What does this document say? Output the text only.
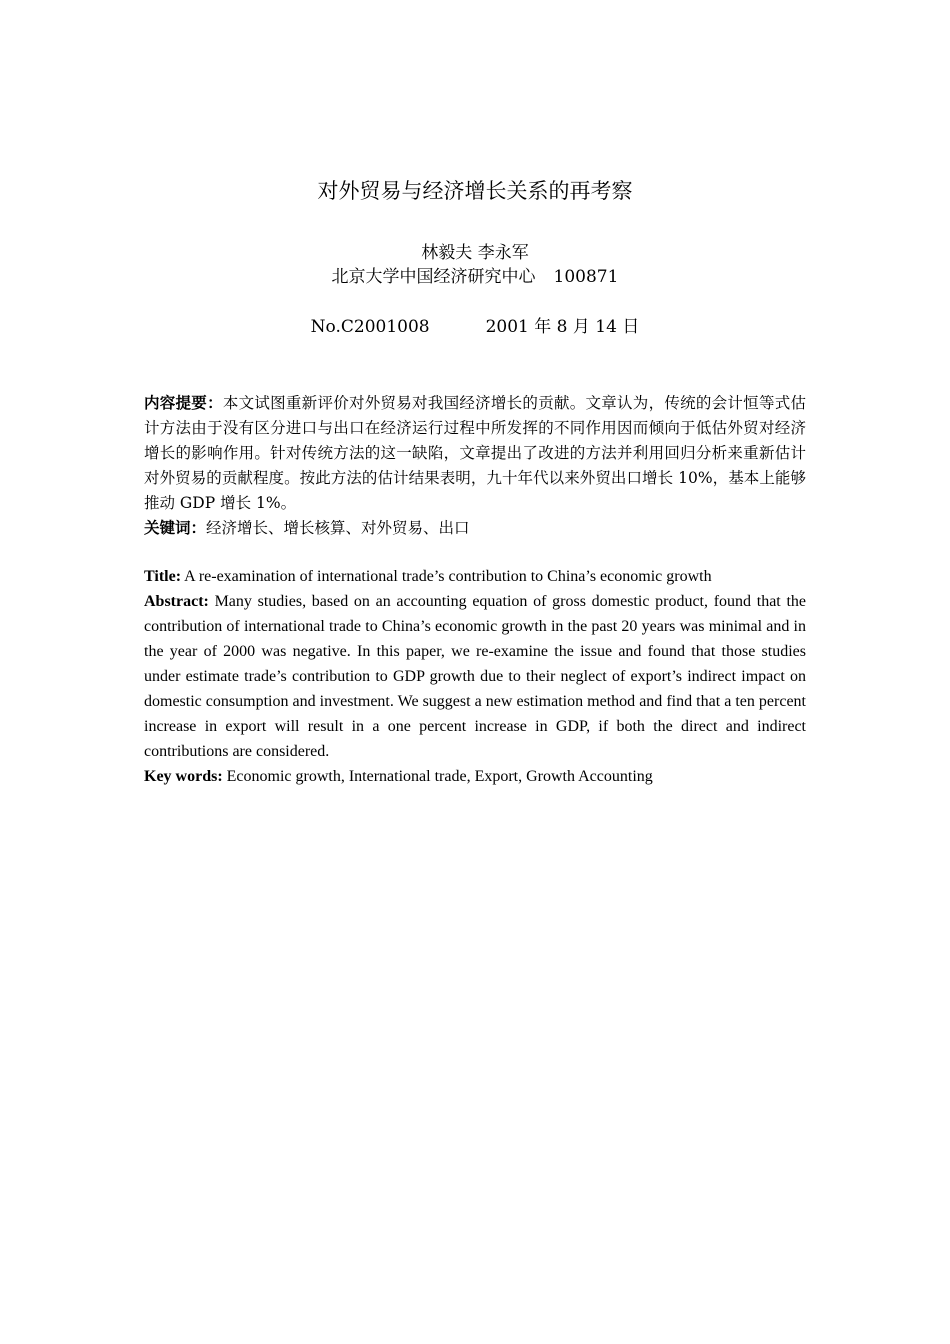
对外贸易与经济增长关系的再考察
林毅夫 李永军
北京大学中国经济研究中心 100871
No.C2001008	2001 年 8 月 14 日

内容提要：本文试图重新评价对外贸易对我国经济增长的贡献。文章认为，传统的会计恒等式估计方法由于没有区分进口与出口在经济运行过程中所发挥的不同作用因而倾向于低估外贸对经济增长的影响作用。针对传统方法的这一缺陷，文章提出了改进的方法并利用回归分析来重新估计对外贸易的贡献程度。按此方法的估计结果表明，九十年代以来外贸出口增长 10%，基本上能够推动 GDP 增长 1%。

关键词：经济增长、增长核算、对外贸易、出口

Title: A re-examination of international trade’s contribution to China’s economic growth

Abstract: Many studies, based on an accounting equation of gross domestic product, found that the contribution of international trade to China’s economic growth in the past 20 years was minimal and in the year of 2000 was negative. In this paper, we re-examine the issue and found that those studies under estimate trade’s contribution to GDP growth due to their neglect of export’s indirect impact on domestic consumption and investment. We suggest a new estimation method and find that a ten percent increase in export will result in a one percent increase in GDP, if both the direct and indirect contributions are considered.

Key words: Economic growth, International trade, Export, Growth Accounting
